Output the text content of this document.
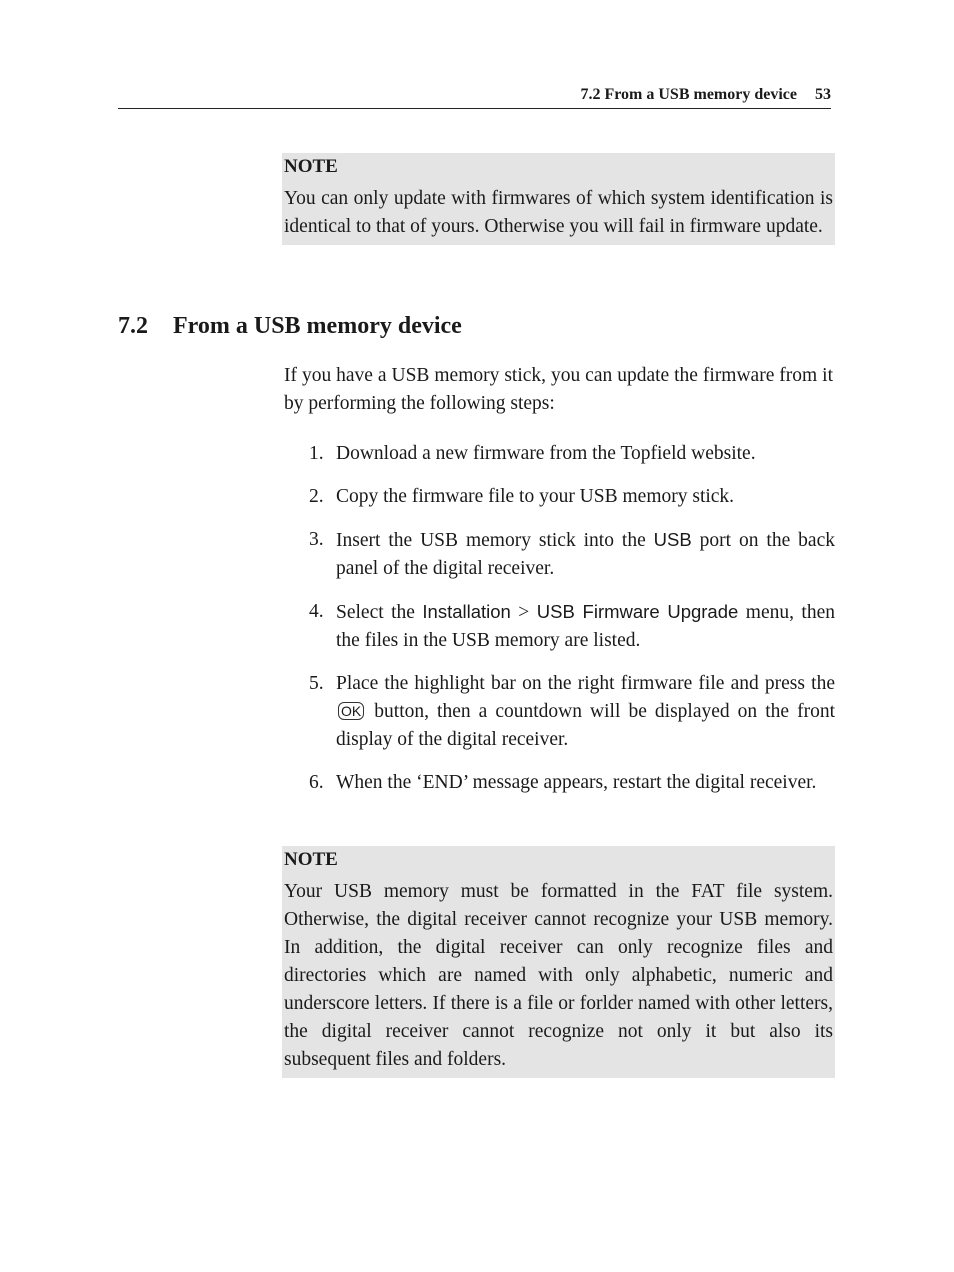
7.2 From a USB memory device 53
NOTE
You can only update with firmwares of which system identification is identical to that of yours. Otherwise you will fail in firmware update.
7.2 From a USB memory device

If you have a USB memory stick, you can update the firmware from it by performing the following steps:

1. Download a new firmware from the Topfield website.
2. Copy the firmware file to your USB memory stick.
3. Insert the USB memory stick into the USB port on the back panel of the digital receiver.
4. Select the Installation > USB Firmware Upgrade menu, then the files in the USB memory are listed.
5. Place the highlight bar on the right firmware file and press the OK button, then a countdown will be displayed on the front display of the digital receiver.
6. When the ‘END’ message appears, restart the digital receiver.
NOTE
Your USB memory must be formatted in the FAT file system. Otherwise, the digital receiver cannot recognize your USB memory. In addition, the digital receiver can only recognize files and directories which are named with only alphabetic, numeric and underscore letters. If there is a file or forlder named with other letters, the digital receiver cannot recognize not only it but also its subsequent files and folders.
